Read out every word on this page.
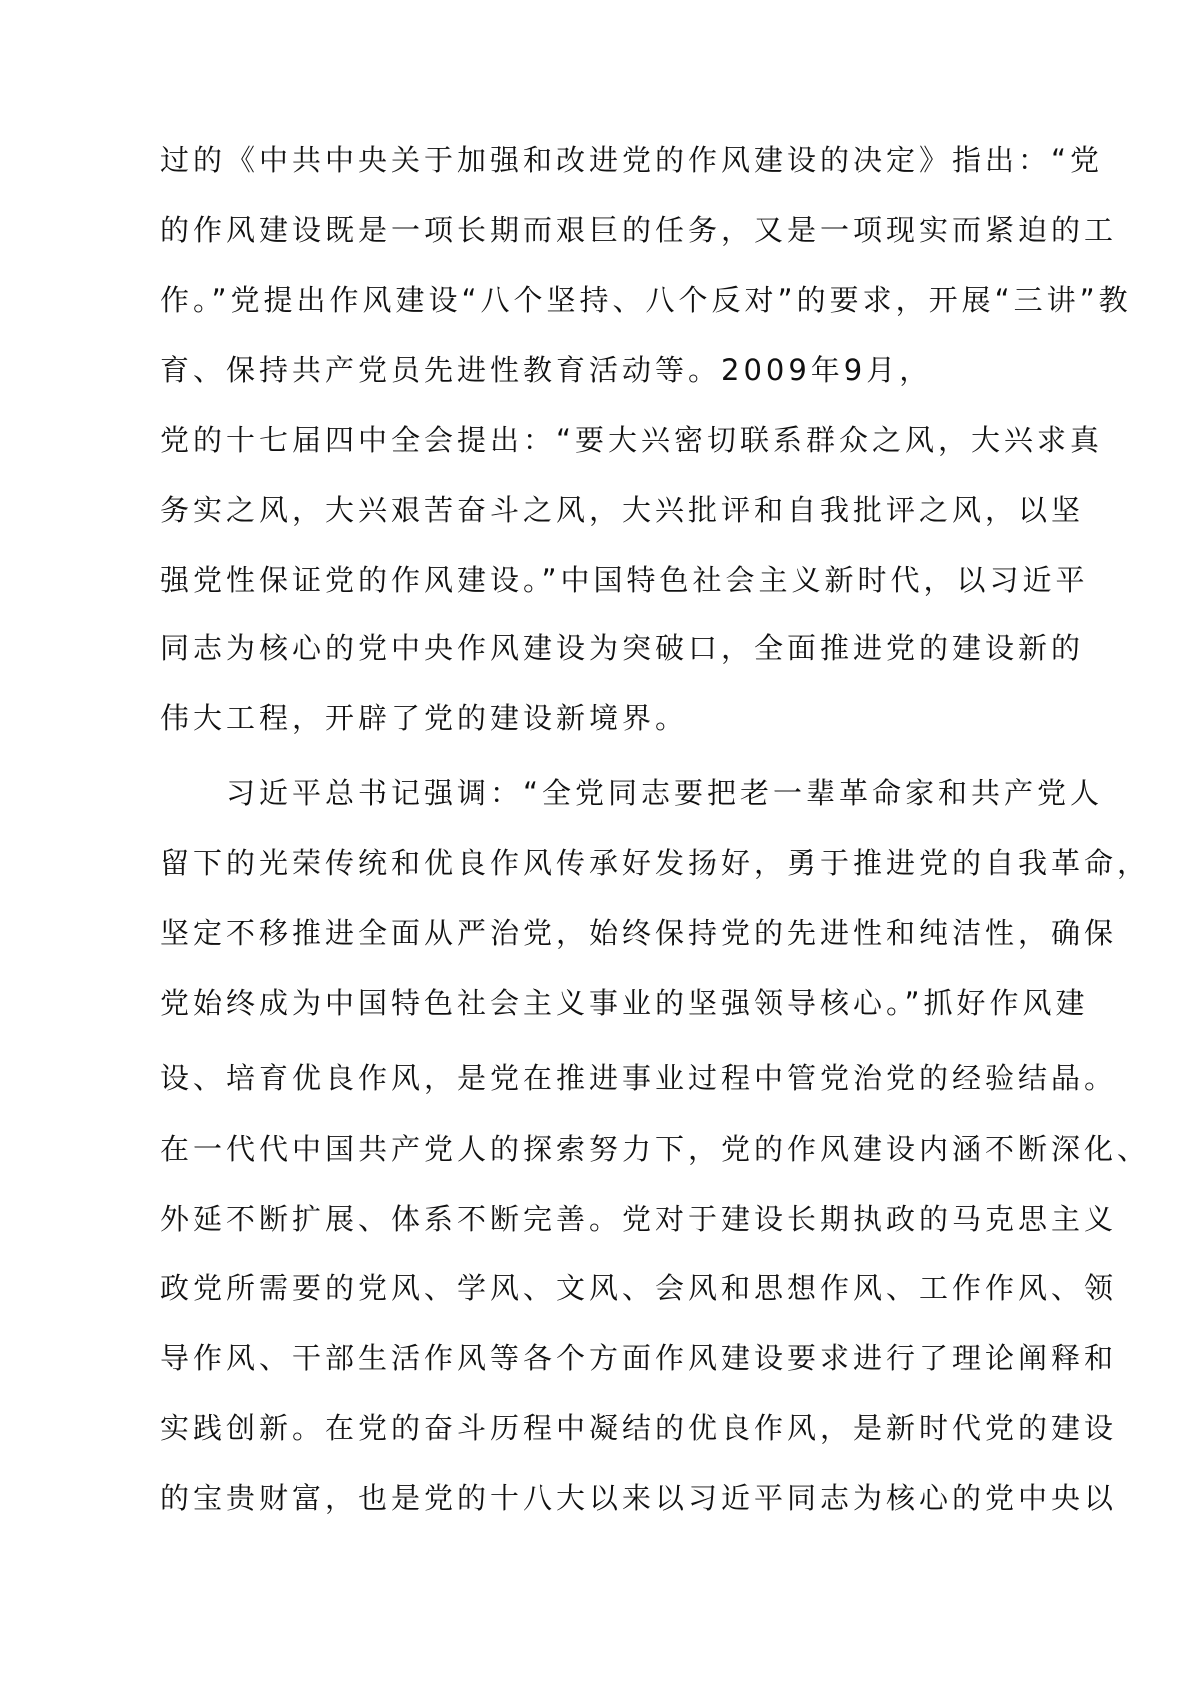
过的《中共中央关于加强和改进党的作风建设的决定》指出：“党
的作风建设既是一项长期而艰巨的任务，又是一项现实而紧迫的工
作。”党提出作风建设“八个坚持、八个反对”的要求，开展“三讲”教
育、保持共产党员先进性教育活动等。2009年9月，
党的十七届四中全会提出：“要大兴密切联系群众之风，大兴求真
务实之风，大兴艰苦奋斗之风，大兴批评和自我批评之风，以坚
强党性保证党的作风建设。”中国特色社会主义新时代，以习近平
同志为核心的党中央作风建设为突破口，全面推进党的建设新的
伟大工程，开辟了党的建设新境界。
习近平总书记强调：“全党同志要把老一辈革命家和共产党人
留下的光荣传统和优良作风传承好发扬好，勇于推进党的自我革命，
坚定不移推进全面从严治党，始终保持党的先进性和纯洁性，确保
党始终成为中国特色社会主义事业的坚强领导核心。”抓好作风建
设、培育优良作风，是党在推进事业过程中管党治党的经验结晶。
在一代代中国共产党人的探索努力下，党的作风建设内涵不断深化、
外延不断扩展、体系不断完善。党对于建设长期执政的马克思主义
政党所需要的党风、学风、文风、会风和思想作风、工作作风、领
导作风、干部生活作风等各个方面作风建设要求进行了理论阐释和
实践创新。在党的奋斗历程中凝结的优良作风，是新时代党的建设
的宝贵财富，也是党的十八大以来以习近平同志为核心的党中央以
